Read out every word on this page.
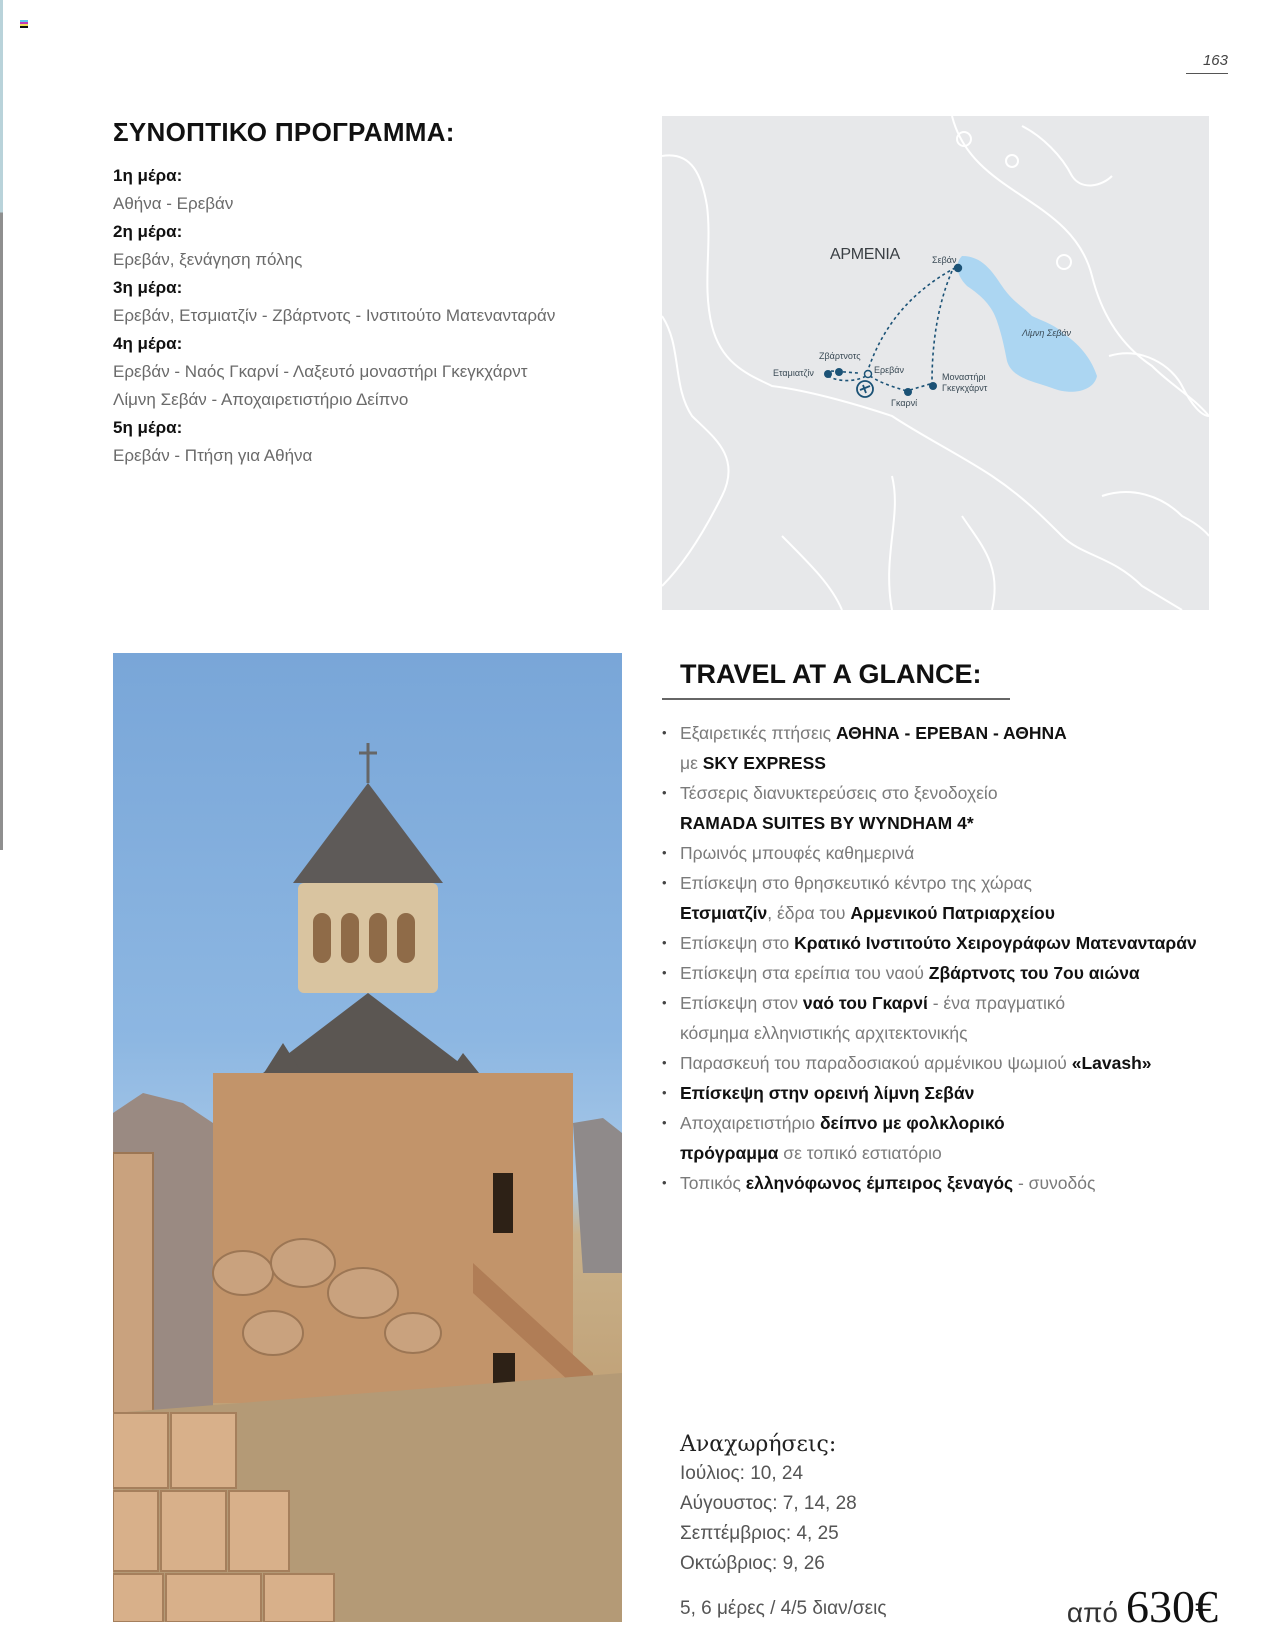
163
ΣΥΝΟΠΤΙΚΟ ΠΡΟΓΡΑΜΜΑ:
1η μέρα:
Αθήνα - Ερεβάν
2η μέρα:
Ερεβάν, ξενάγηση πόλης
3η μέρα:
Ερεβάν, Ετσμιατζίν - Ζβάρτνοτς - Ινστιτούτο Ματεναντ​αράν
4η μέρα:
Ερεβάν - Ναός Γκαρνί - Λαξευτό μοναστήρι Γκεγκχάρντ
Λίμνη Σεβάν - Αποχαιρετιστήριο Δείπνο
5η μέρα:
Ερεβάν - Πτήση για Αθήνα
ΑΡΜΕΝΙΑ	Σεβάν
Λίμνη Σεβάν
Ζβάρτνοτς
Εταμιατζίν	Ερεβάν
Γκαρνί
Μοναστήρι
Γκεγκχάρντ
TRAVEL AT A GLANCE:
• Εξαιρετικές πτήσεις ΑΘΗΝΑ - ΕΡΕΒΑΝ - ΑΘΗΝΑ
με SKY EXPRESS
• Τέσσερις διανυκτερεύσεις στο ξενοδοχείο
RAMADA SUITES BY WYNDHAM 4*
• Πρωινός μπουφές καθημερινά
• Επίσκεψη στο θρησκευτικό κέντρο της χώρας
Ετσμιατζίν, έδρα του Αρμενικού Πατριαρχείου
• Επίσκεψη στο Κρατικό Ινστιτούτο Χειρογράφων Ματεναντ​αράν
• Επίσκεψη στα ερείπια του ναού Ζβάρτνοτς του 7ου αιώνα
• Επίσκεψη στον ναό του Γκαρνί - ένα πραγματικό
κόσμημα ελληνιστικής αρχιτεκτονικής
• Παρασκευή του παραδοσιακού αρμένικου ψωμιού «Lavash»
• Επίσκεψη στην ορεινή λίμνη Σεβάν
• Αποχαιρετιστήριο δείπνο με φολκλορικό
πρόγραμμα σε τοπικό εστιατόριο
• Τοπικός ελληνόφωνος έμπειρος ξεναγός - συνοδός
Αναχωρήσεις:
Ιούλιος: 10, 24
Αύγουστος: 7, 14, 28
Σεπτέμβριος: 4, 25
Οκτώβριος: 9, 26
5, 6 μέρες / 4/5 διαν/σεις	από 630€
